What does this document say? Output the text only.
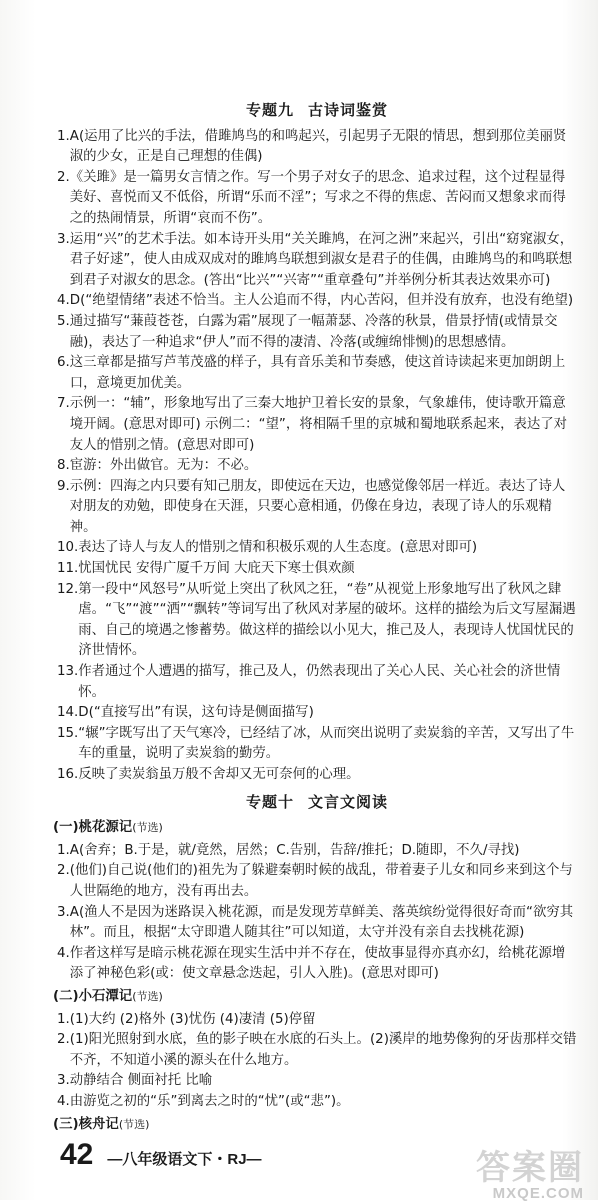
专题九 古诗词鉴赏
1. A(运用了比兴的手法，借雎鸠鸟的和鸣起兴，引起男子无限的情思，想到那位美丽贤淑的少女，正是自己理想的佳偶)
2. 《关雎》是一篇男女言情之作。写一个男子对女子的思念、追求过程，这个过程显得美好、喜悦而又不低俗，所谓“乐而不淫”；写求之不得的焦虑、苦闷而又想象求而得之的热闹情景，所谓“哀而不伤”。
3. 运用“兴”的艺术手法。如本诗开头用“关关雎鸠，在河之洲”来起兴，引出“窈窕淑女，君子好逑”，使人由成双成对的雎鸠鸟联想到淑女是君子的佳偶，由雎鸠鸟的和鸣联想到君子对淑女的思念。(答出“比兴”“兴寄”“重章叠句”并举例分析其表达效果亦可)
4. D(“绝望情绪”表述不恰当。主人公追而不得，内心苦闷，但并没有放弃，也没有绝望)
5. 通过描写“蒹葭苍苍，白露为霜”展现了一幅萧瑟、冷落的秋景，借景抒情(或情景交融)，表达了一种追求“伊人”而不得的凄清、冷落(或缠绵悱恻)的思想感情。
6. 这三章都是描写芦苇茂盛的样子，具有音乐美和节奏感，使这首诗读起来更加朗朗上口，意境更加优美。
7. 示例一：“辅”，形象地写出了三秦大地护卫着长安的景象，气象雄伟，使诗歌开篇意境开阔。(意思对即可) 示例二：“望”，将相隔千里的京城和蜀地联系起来，表达了对友人的惜别之情。(意思对即可)
8. 宦游：外出做官。无为：不必。
9. 示例：四海之内只要有知己朋友，即使远在天边，也感觉像邻居一样近。表达了诗人对朋友的劝勉，即使身在天涯，只要心意相通，仍像在身边，表现了诗人的乐观精神。
10. 表达了诗人与友人的惜别之情和积极乐观的人生态度。(意思对即可)
11. 忧国忧民 安得广厦千万间 大庇天下寒士俱欢颜
12. 第一段中“风怒号”从听觉上突出了秋风之狂，“卷”从视觉上形象地写出了秋风之肆虐。“飞”“渡”“洒”“飘转”等词写出了秋风对茅屋的破坏。这样的描绘为后文写屋漏遇雨、自己的境遇之惨蓄势。做这样的描绘以小见大，推己及人，表现诗人忧国忧民的济世情怀。
13. 作者通过个人遭遇的描写，推己及人，仍然表现出了关心人民、关心社会的济世情怀。
14. D(“直接写出”有误，这句诗是侧面描写)
15. “辗”字既写出了天气寒冷，已经结了冰，从而突出说明了卖炭翁的辛苦，又写出了牛车的重量，说明了卖炭翁的勤劳。
16. 反映了卖炭翁虽万般不舍却又无可奈何的心理。
专题十 文言文阅读
(一)桃花源记(节选)
1. A(舍弃；B.于是，就/竟然，居然；C.告别，告辞/推托；D.随即，不久/寻找)
2. (他们)自己说(他们的)祖先为了躲避秦朝时候的战乱，带着妻子儿女和同乡来到这个与人世隔绝的地方，没有再出去。
3. A(渔人不是因为迷路误入桃花源，而是发现芳草鲜美、落英缤纷觉得很好奇而“欲穷其林”。而且，根据“太守即遣人随其往”可以知道，太守并没有亲自去找桃花源)
4. 作者这样写是暗示桃花源在现实生活中并不存在，使故事显得亦真亦幻，给桃花源增添了神秘色彩(或：使文章悬念迭起，引人入胜)。(意思对即可)
(二)小石潭记(节选)
1. (1)大约 (2)格外 (3)忧伤 (4)凄清 (5)停留
2. (1)阳光照射到水底，鱼的影子映在水底的石头上。(2)溪岸的地势像狗的牙齿那样交错不齐，不知道小溪的源头在什么地方。
3. 动静结合 侧面衬托 比喻
4. 由游览之初的“乐”到离去之时的“忧”(或“悲”)。
(三)核舟记(节选)
42 —八年级语文下・RJ—	答案圈
MXQE.COM
